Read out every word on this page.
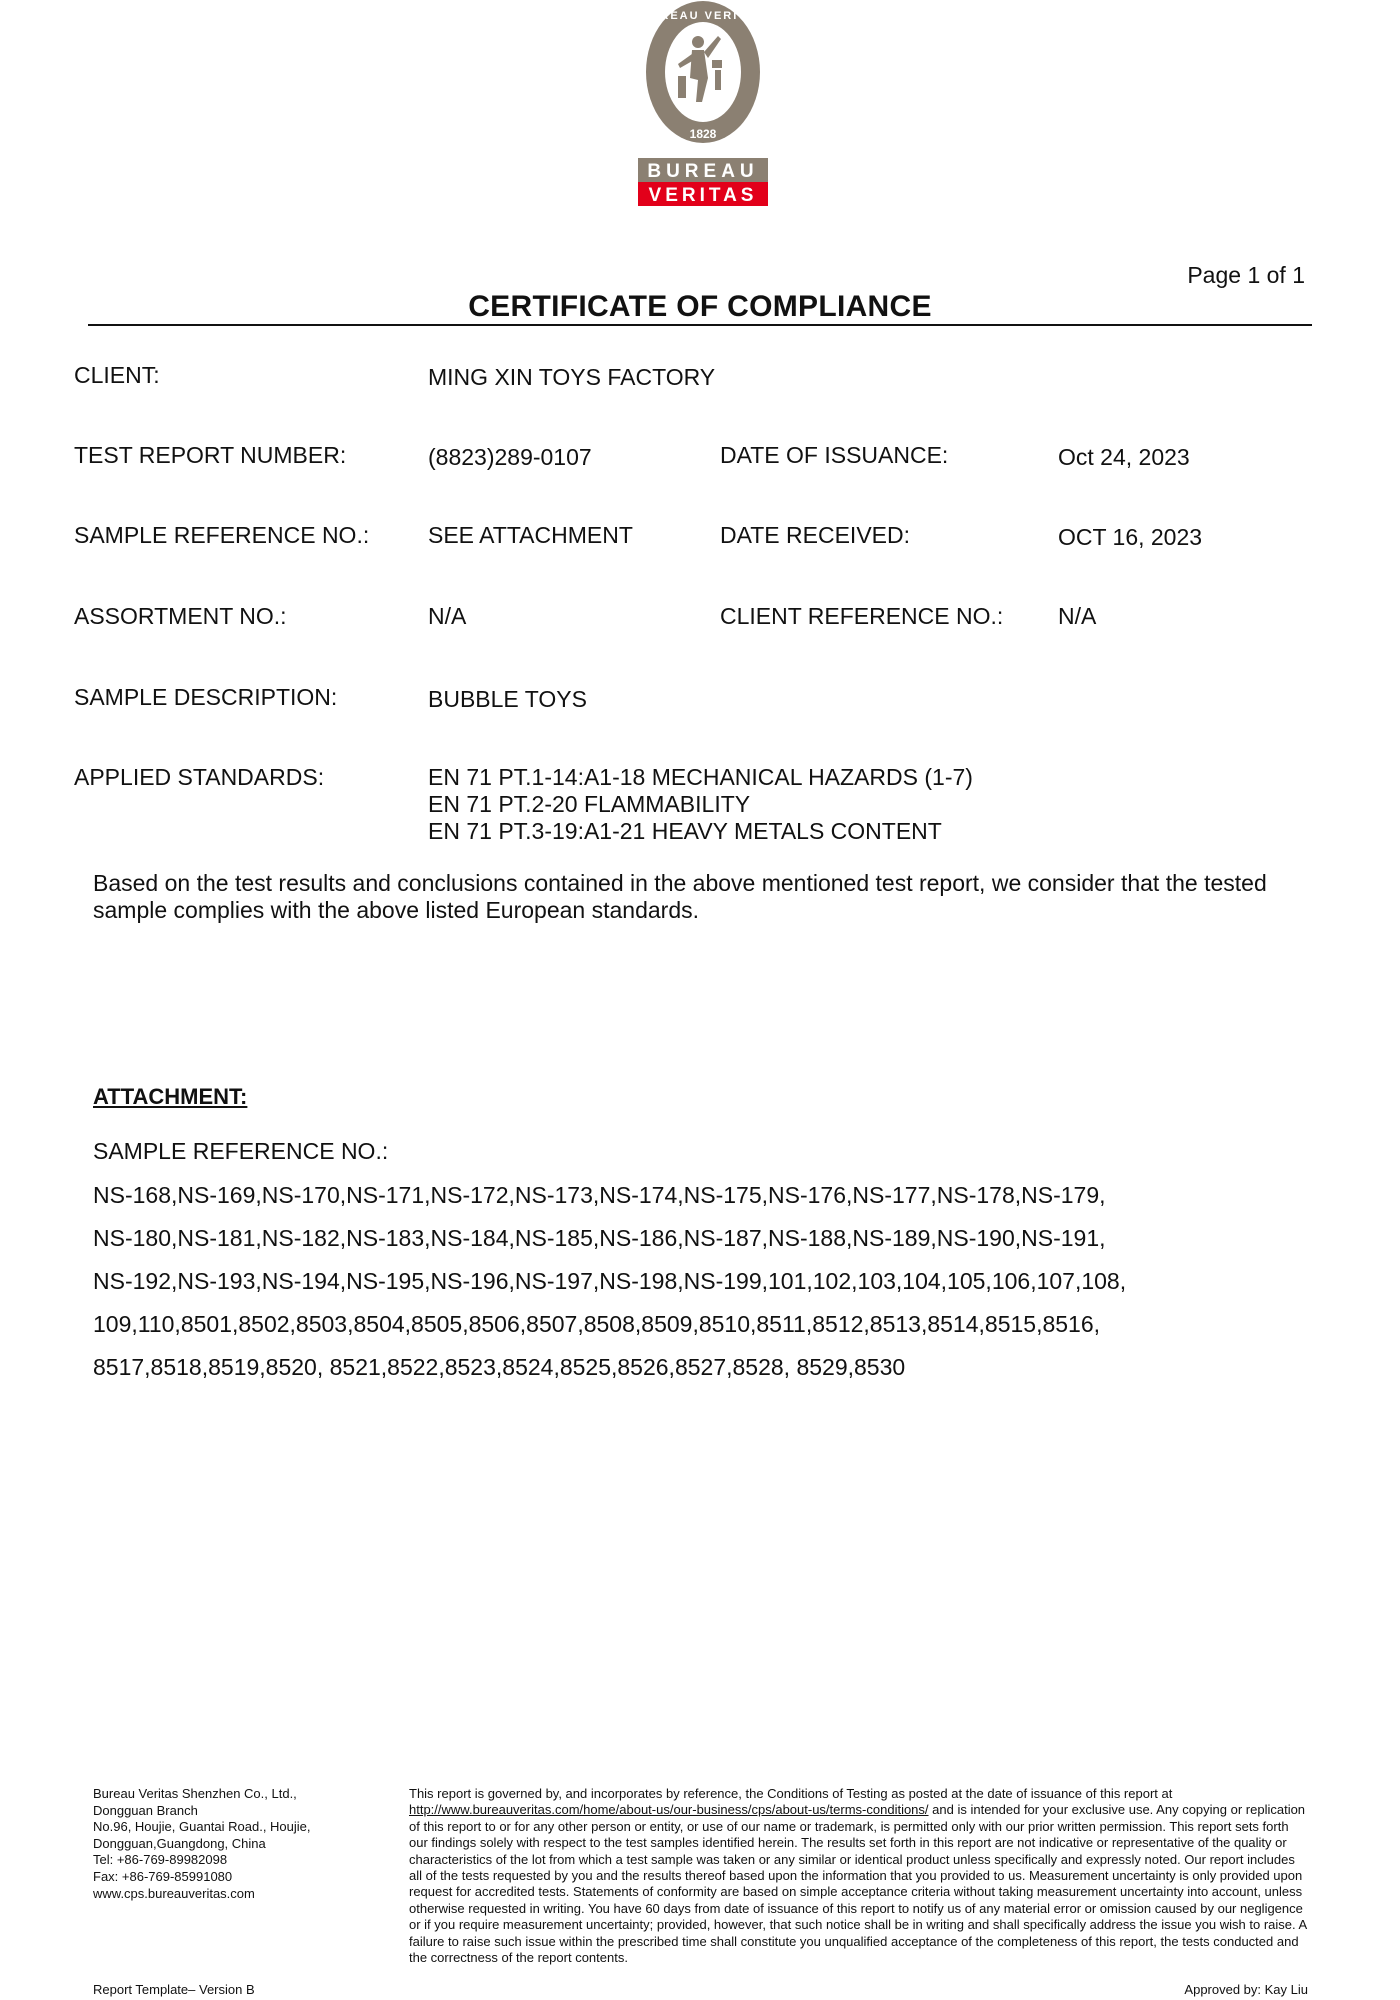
BUREAU VERITAS
1828
BUREAU
VERITAS
Page 1 of 1
CERTIFICATE OF COMPLIANCE
CLIENT:	MING XIN TOYS FACTORY
TEST REPORT NUMBER:	(8823)289-0107	DATE OF ISSUANCE:	Oct 24, 2023
SAMPLE REFERENCE NO.:	SEE ATTACHMENT	DATE RECEIVED:	OCT 16, 2023
ASSORTMENT NO.:	N/A	CLIENT REFERENCE NO.: N/A
SAMPLE DESCRIPTION:	BUBBLE TOYS
APPLIED STANDARDS:	EN 71 PT.1-14:A1-18 MECHANICAL HAZARDS (1-7)
EN 71 PT.2-20 FLAMMABILITY
EN 71 PT.3-19:A1-21 HEAVY METALS CONTENT
Based on the test results and conclusions contained in the above mentioned test report, we consider that the tested sample complies with the above listed European standards.
ATTACHMENT:
SAMPLE REFERENCE NO.:
NS-168,NS-169,NS-170,NS-171,NS-172,NS-173,NS-174,NS-175,NS-176,NS-177,NS-178,NS-179,
NS-180,NS-181,NS-182,NS-183,NS-184,NS-185,NS-186,NS-187,NS-188,NS-189,NS-190,NS-191,
NS-192,NS-193,NS-194,NS-195,NS-196,NS-197,NS-198,NS-199,101,102,103,104,105,106,107,108,
109,110,8501,8502,8503,8504,8505,8506,8507,8508,8509,8510,8511,8512,8513,8514,8515,8516,
8517,8518,8519,8520, 8521,8522,8523,8524,8525,8526,8527,8528, 8529,8530
Bureau Veritas Shenzhen Co., Ltd.,
Dongguan Branch
No.96, Houjie, Guantai Road., Houjie,
Dongguan,Guangdong, China
Tel: +86-769-89982098
Fax: +86-769-85991080
www.cps.bureauveritas.com
This report is governed by, and incorporates by reference, the Conditions of Testing as posted at the date of issuance of this report at http://www.bureauveritas.com/home/about-us/our-business/cps/about-us/terms-conditions/ and is intended for your exclusive use. Any copying or replication of this report to or for any other person or entity, or use of our name or trademark, is permitted only with our prior written permission. This report sets forth our findings solely with respect to the test samples identified herein. The results set forth in this report are not indicative or representative of the quality or characteristics of the lot from which a test sample was taken or any similar or identical product unless specifically and expressly noted. Our report includes all of the tests requested by you and the results thereof based upon the information that you provided to us. Measurement uncertainty is only provided upon request for accredited tests. Statements of conformity are based on simple acceptance criteria without taking measurement uncertainty into account, unless otherwise requested in writing. You have 60 days from date of issuance of this report to notify us of any material error or omission caused by our negligence or if you require measurement uncertainty; provided, however, that such notice shall be in writing and shall specifically address the issue you wish to raise. A failure to raise such issue within the prescribed time shall constitute you unqualified acceptance of the completeness of this report, the tests conducted and the correctness of the report contents.
Report Template– Version B	Approved by: Kay Liu
